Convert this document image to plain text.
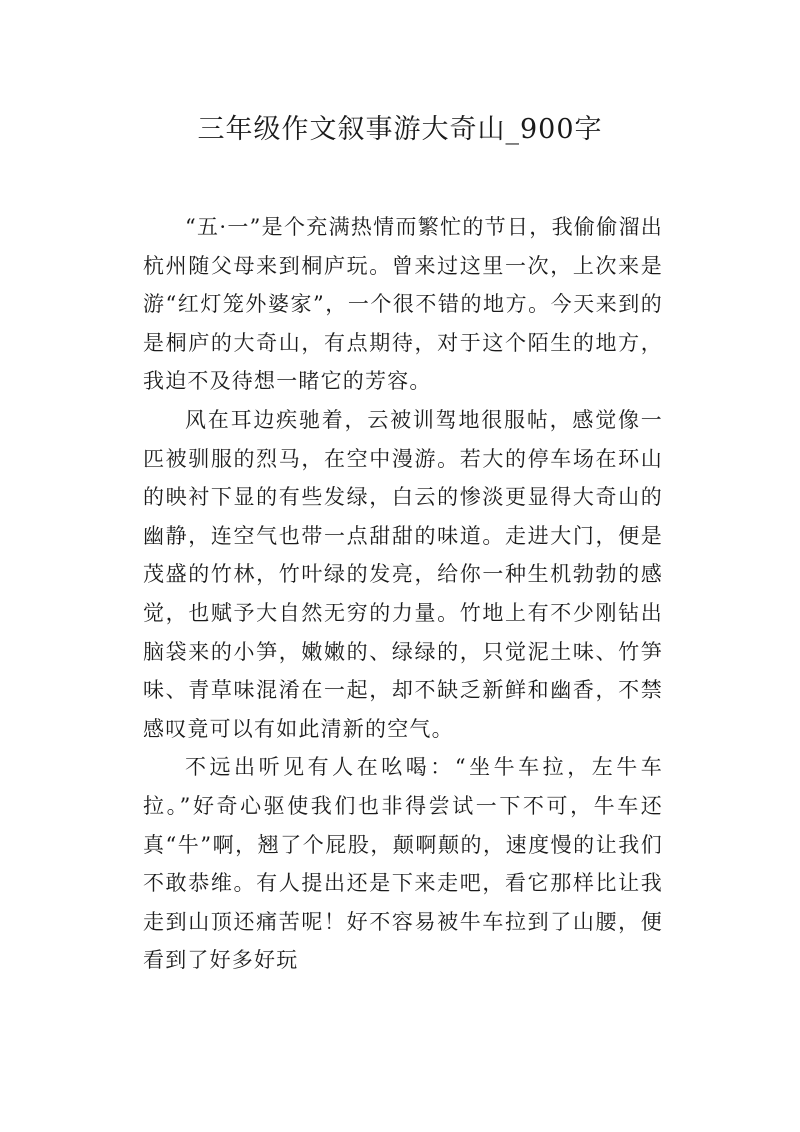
三年级作文叙事游大奇山_900字

“五·一”是个充满热情而繁忙的节日，我偷偷溜出杭州随父母来到桐庐玩。曾来过这里一次，上次来是游“红灯笼外婆家”，一个很不错的地方。今天来到的是桐庐的大奇山，有点期待，对于这个陌生的地方，我迫不及待想一睹它的芳容。

风在耳边疾驰着，云被训驾地很服帖，感觉像一匹被驯服的烈马，在空中漫游。若大的停车场在环山的映衬下显的有些发绿，白云的惨淡更显得大奇山的幽静，连空气也带一点甜甜的味道。走进大门，便是茂盛的竹林，竹叶绿的发亮，给你一种生机勃勃的感觉，也赋予大自然无穷的力量。竹地上有不少刚钻出脑袋来的小笋，嫩嫩的、绿绿的，只觉泥土味、竹笋味、青草味混淆在一起，却不缺乏新鲜和幽香，不禁感叹竟可以有如此清新的空气。

不远出听见有人在吆喝：“坐牛车拉，左牛车拉。”好奇心驱使我们也非得尝试一下不可，牛车还真“牛”啊，翘了个屁股，颠啊颠的，速度慢的让我们不敢恭维。有人提出还是下来走吧，看它那样比让我走到山顶还痛苦呢！好不容易被牛车拉到了山腰，便看到了好多好玩
